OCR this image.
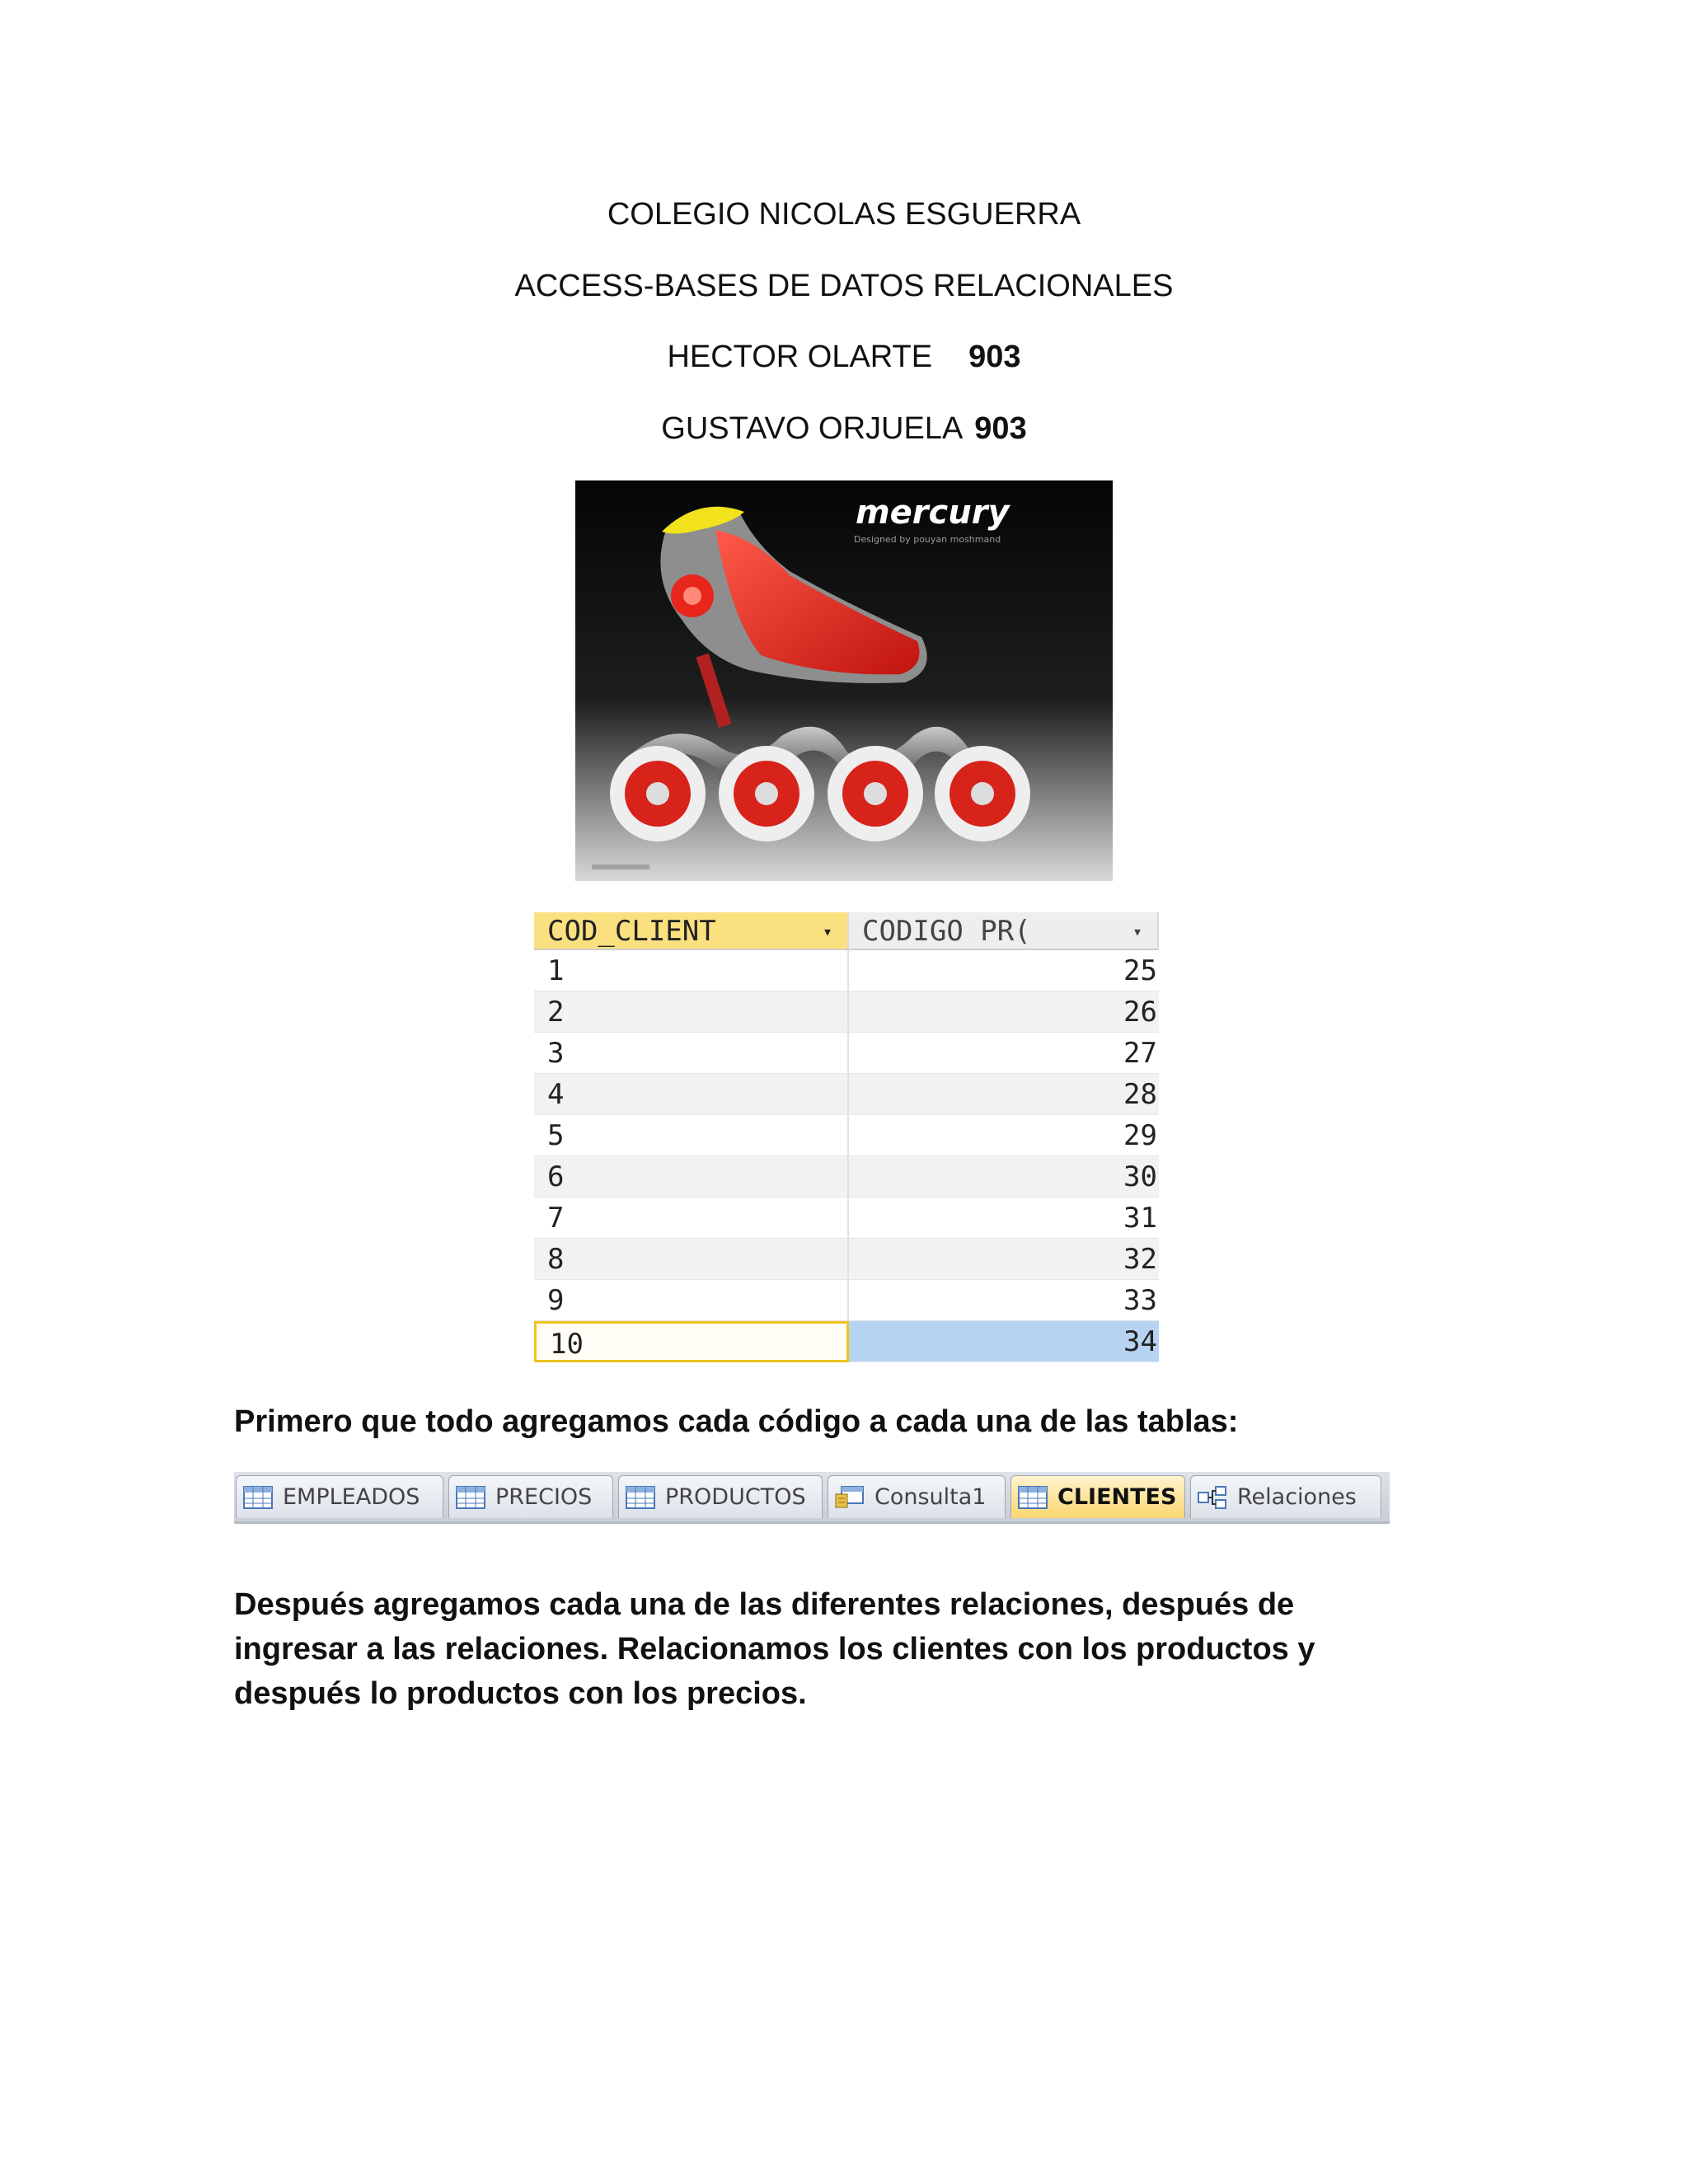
COLEGIO NICOLAS ESGUERRA
ACCESS-BASES DE DATOS RELACIONALES
HECTOR OLARTE 903
GUSTAVO ORJUELA 903
mercury
Designed by pouyan moshmand
COD_CLIENT	▾	CODIGO PR(	▾
1	25
2	26
3	27
4	28
5	29
6	30
7	31
8	32
9	33
10	34
Primero que todo agregamos cada código a cada una de las tablas:
EMPLEADOS	PRECIOS	PRODUCTOS	Consulta1	CLIENTES	Relaciones
Después agregamos cada una de las diferentes relaciones, después de ingresar a las relaciones. Relacionamos los clientes con los productos y después lo productos con los precios.
